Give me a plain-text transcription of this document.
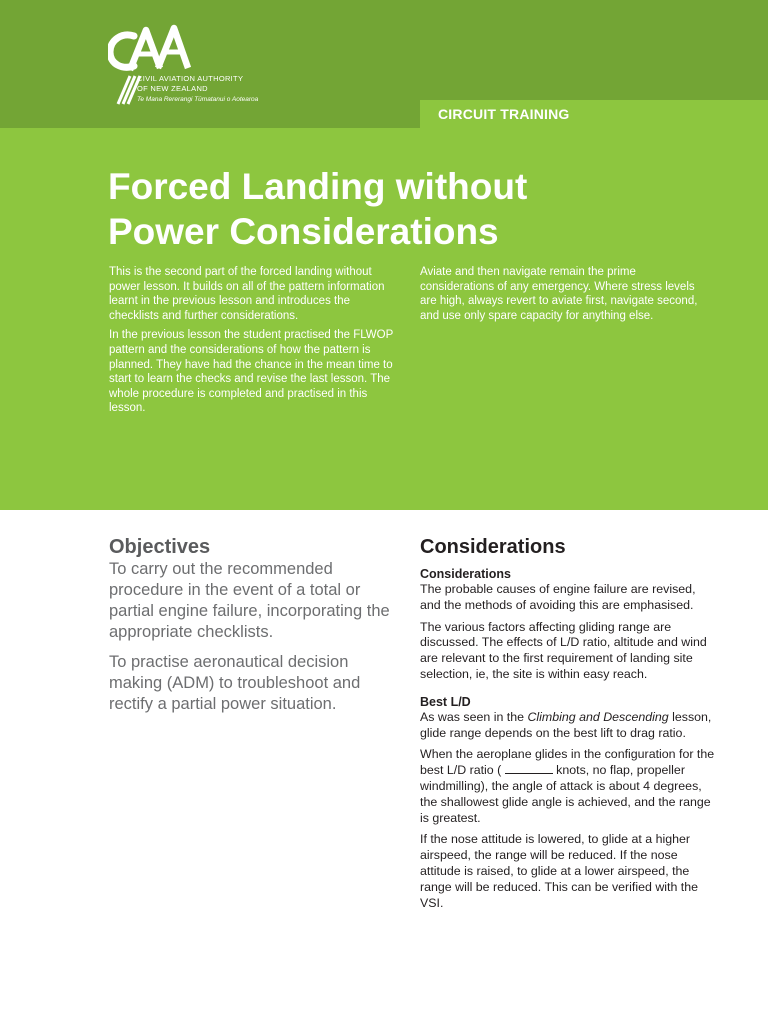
CIRCUIT TRAINING
CIVIL AVIATION AUTHORITY
OF NEW ZEALAND
Te Mana Rererangi Tūmatanui o Aotearoa
Forced Landing without
Power Considerations

This is the second part of the forced landing without power lesson. It builds on all of the pattern information learnt in the previous lesson and introduces the checklists and further considerations.

In the previous lesson the student practised the FLWOP pattern and the considerations of how the pattern is planned. They have had the chance in the mean time to start to learn the checks and revise the last lesson. The whole procedure is completed and practised in this lesson.

Aviate and then navigate remain the prime considerations of any emergency. Where stress levels are high, always revert to aviate first, navigate second, and use only spare capacity for anything else.

Objectives

To carry out the recommended procedure in the event of a total or partial engine failure, incorporating the appropriate checklists.

To practise aeronautical decision making (ADM) to troubleshoot and rectify a partial power situation.

Considerations
Considerations

The probable causes of engine failure are revised, and the methods of avoiding this are emphasised.

The various factors affecting gliding range are discussed. The effects of L/D ratio, altitude and wind are relevant to the first requirement of landing site selection, ie, the site is within easy reach.

Best L/D

As was seen in the Climbing and Descending lesson, glide range depends on the best lift to drag ratio.

When the aeroplane glides in the configuration for the best L/D ratio (	knots, no flap, propeller windmilling), the angle of attack is about 4 degrees, the shallowest glide angle is achieved, and the range is greatest.

If the nose attitude is lowered, to glide at a higher airspeed, the range will be reduced. If the nose attitude is raised, to glide at a lower airspeed, the range will be reduced. This can be verified with the VSI.
